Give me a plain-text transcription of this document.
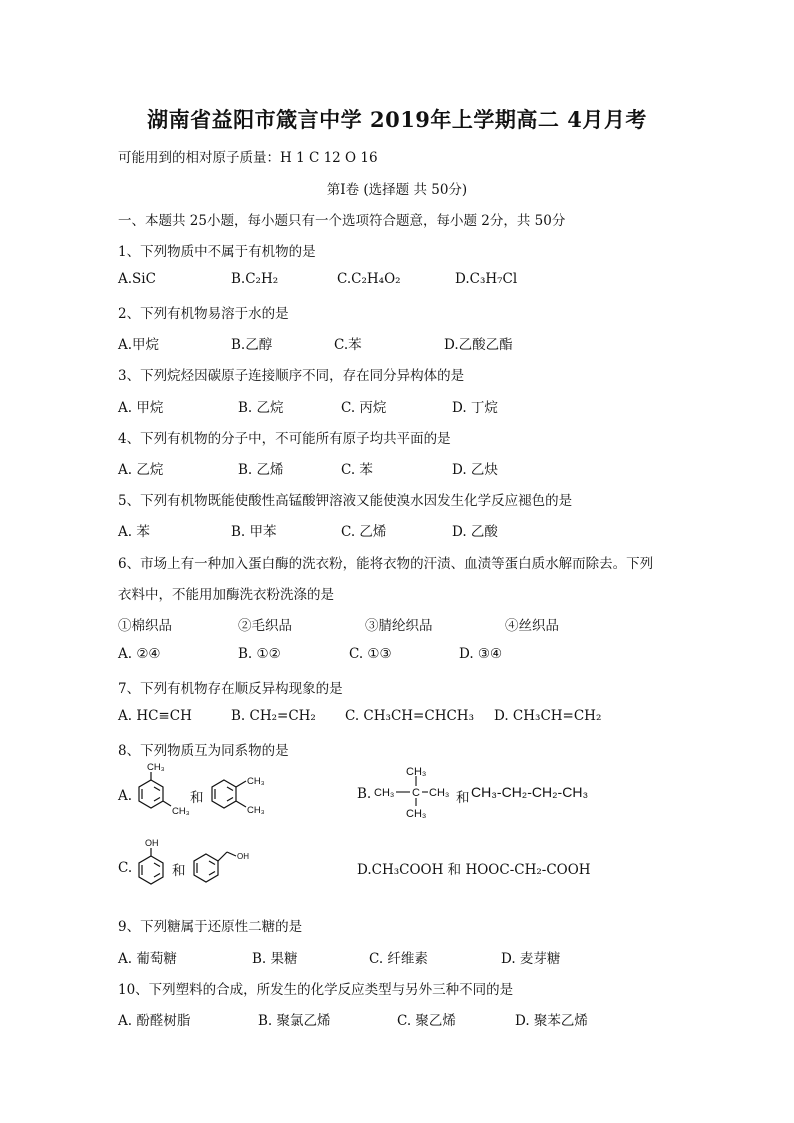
湖南省益阳市箴言中学 2019年上学期高二 4月月考
可能用到的相对原子质量：H 1 C 12 O 16
第Ⅰ卷 (选择题 共 50分)
一、本题共 25小题，每小题只有一个选项符合题意，每小题 2分，共 50分
1、下列物质中不属于有机物的是
A.SiC	B.C₂H₂	C.C₂H₄O₂	D.C₃H₇Cl
2、下列有机物易溶于水的是
A.甲烷	B.乙醇	C.苯	D.乙酸乙酯
3、下列烷烃因碳原子连接顺序不同，存在同分异构体的是
A. 甲烷	B. 乙烷	C. 丙烷	D. 丁烷
4、下列有机物的分子中，不可能所有原子均共平面的是
A. 乙烷	B. 乙烯	C. 苯	D. 乙炔
5、下列有机物既能使酸性高锰酸钾溶液又能使溴水因发生化学反应褪色的是
A. 苯	B. 甲苯	C. 乙烯	D. 乙酸
6、市场上有一种加入蛋白酶的洗衣粉，能将衣物的汗渍、血渍等蛋白质水解而除去。下列
衣料中，不能用加酶洗衣粉洗涤的是
①棉织品	②毛织品	③腈纶织品	④丝织品
A. ②④	B. ①②	C. ①③	D. ③④
7、下列有机物存在顺反异构现象的是
A. HC≡CH	B. CH₂=CH₂ C. CH₃CH=CHCH₃ D. CH₃CH=CH₂
8、下列物质互为同系物的是
A.
CH₃
CH₃
和
CH₃
CH₃
B.
CH₃
CH₃ C CH₃
CH₃
和 CH₃-CH₂-CH₂-CH₃
C.
OH
和
OH
D.CH₃COOH 和 HOOC-CH₂-COOH
9、下列糖属于还原性二糖的是
A. 葡萄糖	B. 果糖	C. 纤维素	D. 麦芽糖
10、下列塑料的合成，所发生的化学反应类型与另外三种不同的是
A. 酚醛树脂	B. 聚氯乙烯	C. 聚乙烯	D. 聚苯乙烯
